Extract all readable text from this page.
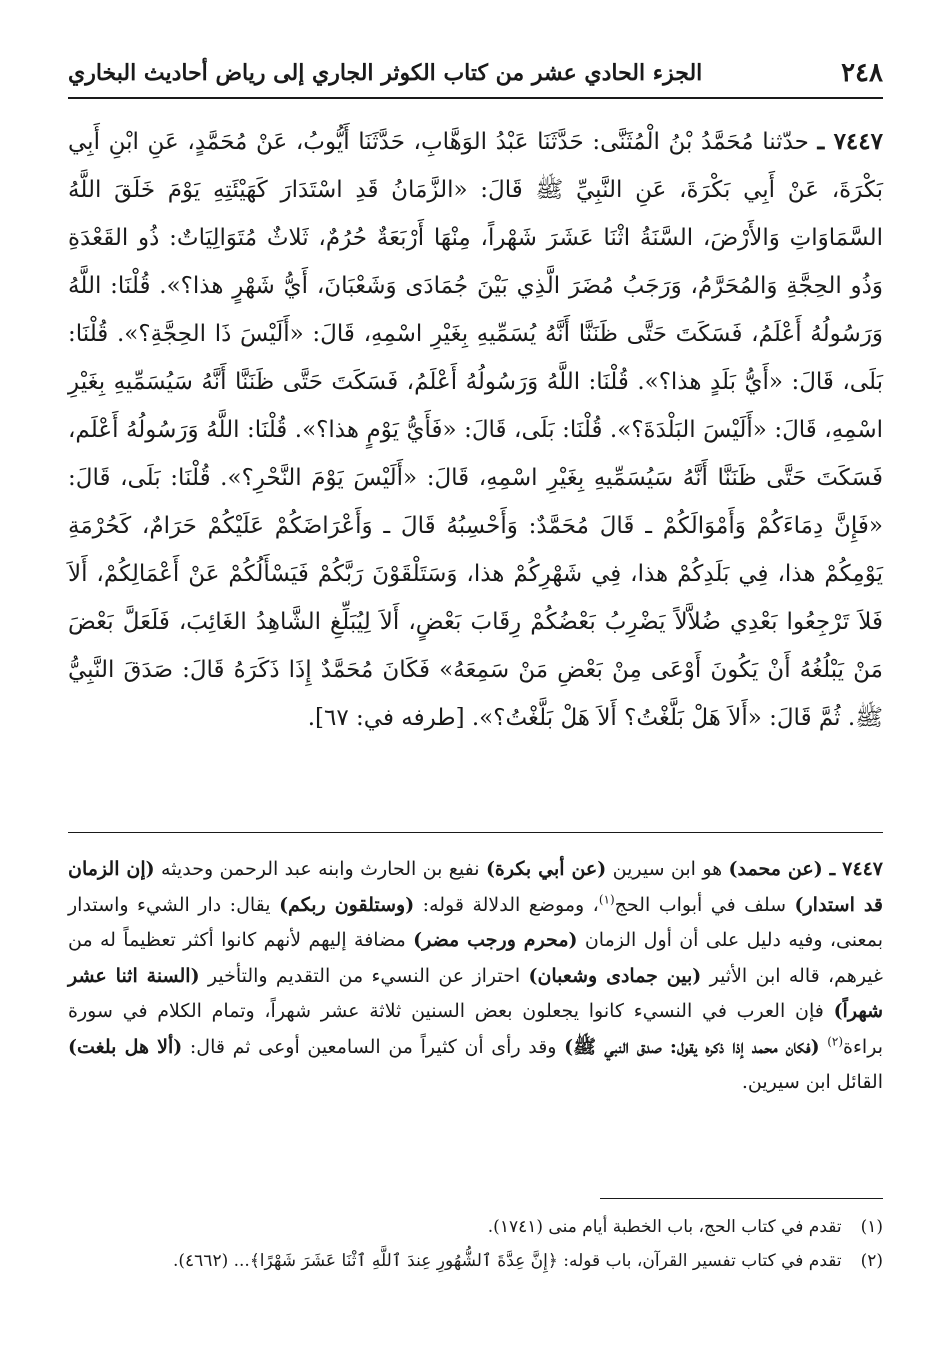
٢٤٨
الجزء الحادي عشر من كتاب الكوثر الجاري إلى رياض أحاديث البخاري
٧٤٤٧ ـ حدّثنا مُحَمَّدُ بْنُ الْمُثَنَّى: حَدَّثَنَا عَبْدُ الوَهَّابِ، حَدَّثَنَا أَيُّوبُ، عَنْ مُحَمَّدٍ، عَنِ ابْنِ أَبِي بَكْرَةَ، عَنْ أَبِي بَكْرَةَ، عَنِ النَّبِيِّ ﷺ قَالَ: «الزَّمَانُ قَدِ اسْتَدَارَ كَهَيْئَتِهِ يَوْمَ خَلَقَ اللَّهُ السَّمَاوَاتِ وَالأَرْضَ، السَّنَةُ اثْنَا عَشَرَ شَهْراً، مِنْهَا أَرْبَعَةٌ حُرُمٌ، ثَلاثٌ مُتَوَالِيَاتٌ: ذُو القَعْدَةِ وَذُو الحِجَّةِ وَالمُحَرَّمُ، وَرَجَبُ مُضَرَ الَّذِي بَيْنَ جُمَادَى وَشَعْبَانَ، أَيُّ شَهْرٍ هذا؟». قُلْنَا: اللَّهُ وَرَسُولُهُ أَعْلَمُ، فَسَكَتَ حَتَّى ظَنَنَّا أَنَّهُ يُسَمِّيهِ بِغَيْرِ اسْمِهِ، قَالَ: «أَلَيْسَ ذَا الحِجَّةِ؟». قُلْنَا: بَلَى، قَالَ: «أَيُّ بَلَدٍ هذا؟». قُلْنَا: اللَّهُ وَرَسُولُهُ أَعْلَمُ، فَسَكَتَ حَتَّى ظَنَنَّا أَنَّهُ سَيُسَمِّيهِ بِغَيْرِ اسْمِهِ، قَالَ: «أَلَيْسَ البَلْدَةَ؟». قُلْنَا: بَلَى، قَالَ: «فَأَيُّ يَوْمٍ هذا؟». قُلْنَا: اللَّهُ وَرَسُولُهُ أَعْلَم، فَسَكَتَ حَتَّى ظَنَنَّا أَنَّهُ سَيُسَمِّيهِ بِغَيْرِ اسْمِهِ، قَالَ: «أَلَيْسَ يَوْمَ النَّحْرِ؟». قُلْنَا: بَلَى، قَالَ: «فَإِنَّ دِمَاءَكُمْ وَأَمْوَالَكُمْ ـ قَالَ مُحَمَّدٌ: وَأَحْسِبُهُ قَالَ ـ وَأَعْرَاضَكُمْ عَلَيْكُمْ حَرَامٌ، كَحُرْمَةِ يَوْمِكُمْ هذا، فِي بَلَدِكُمْ هذا، فِي شَهْرِكُمْ هذا، وَسَتَلْقَوْنَ رَبَّكُمْ فَيَسْأَلُكُمْ عَنْ أَعْمَالِكُمْ، أَلاَ فَلاَ تَرْجِعُوا بَعْدِي ضُلاَّلاً يَضْرِبُ بَعْضُكُمْ رِقَابَ بَعْضٍ، أَلاَ لِيُبَلِّغِ الشَّاهِدُ الغَائِبَ، فَلَعَلَّ بَعْضَ مَنْ يَبْلُغُهُ أَنْ يَكُونَ أَوْعَى مِنْ بَعْضِ مَنْ سَمِعَهُ» فَكَانَ مُحَمَّدٌ إِذَا ذَكَرَهُ قَالَ: صَدَقَ النَّبِيُّ ﷺ. ثُمَّ قَالَ: «أَلاَ هَلْ بَلَّغْتُ؟ أَلاَ هَلْ بَلَّغْتُ؟». [طرفه في: ٦٧].
٧٤٤٧ ـ (عن محمد) هو ابن سيرين (عن أبي بكرة) نفيع بن الحارث وابنه عبد الرحمن وحديثه (إن الزمان قد استدار) سلف في أبواب الحج$^{(١)}$، وموضع الدلالة قوله: (وستلقون ربكم) يقال: دار الشيء واستدار بمعنى، وفيه دليل على أن أول الزمان (محرم ورجب مضر) مضافة إليهم لأنهم كانوا أكثر تعظيماً له من غيرهم، قاله ابن الأثير (بين جمادى وشعبان) احتراز عن النسيء من التقديم والتأخير (السنة اثنا عشر شهراً) فإن العرب في النسيء كانوا يجعلون بعض السنين ثلاثة عشر شهراً، وتمام الكلام في سورة براءة$^{(٢)}$ (فكان محمد إذا ذكره يقول: صدق النبي ﷺ) وقد رأى أن كثيراً من السامعين أوعى ثم قال: (ألا هل بلغت) القائل ابن سيرين.
(١) تقدم في كتاب الحج، باب الخطبة أيام منى (١٧٤١).
(٢) تقدم في كتاب تفسير القرآن، باب قوله: ﴿إِنَّ عِدَّةَ ٱلشُّهُورِ عِندَ ٱللَّهِ ٱثْنَا عَشَرَ شَهْرًا﴾... (٤٦٦٢).
